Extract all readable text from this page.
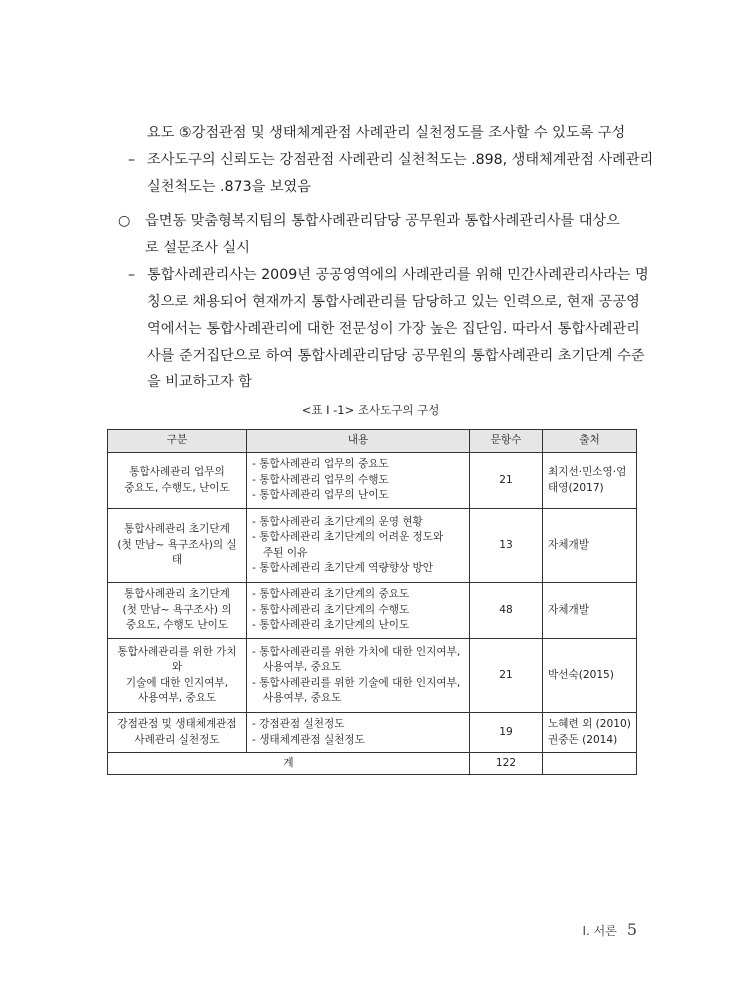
요도 ⑤강점관점 및 생태체계관점 사례관리 실천정도를 조사할 수 있도록 구성
– 조사도구의 신뢰도는 강점관점 사례관리 실천척도는 .898, 생태체계관점 사례관리
실천척도는 .873을 보였음
○ 읍면동 맞춤형복지팀의 통합사례관리담당 공무원과 통합사례관리사를 대상으
로 설문조사 실시
– 통합사례관리사는 2009년 공공영역에의 사례관리를 위해 민간사례관리사라는 명
칭으로 채용되어 현재까지 통합사례관리를 담당하고 있는 인력으로, 현재 공공영
역에서는 통합사례관리에 대한 전문성이 가장 높은 집단임. 따라서 통합사례관리
사를 준거집단으로 하여 통합사례관리담당 공무원의 통합사례관리 초기단계 수준
을 비교하고자 함
<표 Ⅰ -1> 조사도구의 구성
구분	내용	문항수	출처

통합사례관리 업무의
중요도, 수행도, 난이도	- 통합사례관리 업무의 중요도
- 통합사례관리 업무의 수행도
- 통합사례관리 업무의 난이도	21	최지선·민소영·엄
태영(2017)

통합사례관리 초기단계
(첫 만남~ 욕구조사)의 실태	- 통합사례관리 초기단계의 운영 현황
- 통합사례관리 초기단계의 어려운 정도와
주된 이유
- 통합사례관리 초기단계 역량향상 방안	13	자체개발

통합사례관리 초기단계
(첫 만남~ 욕구조사) 의
중요도, 수행도 난이도	- 통합사례관리 초기단계의 중요도
- 통합사례관리 초기단계의 수행도
- 통합사례관리 초기단계의 난이도	48	자체개발

통합사례관리를 위한 가치와
기술에 대한 인지여부,
사용여부, 중요도	- 통합사례관리를 위한 가치에 대한 인지여부,
사용여부, 중요도
- 통합사례관리를 위한 기술에 대한 인지여부,
사용여부, 중요도	21	박선숙(2015)

강점관점 및 생태체계관점
사례관리 실천정도	- 강점관점 실천정도
- 생태체계관점 실천정도	19	노혜련 외 (2010)
권중돈 (2014)

계		122	
Ⅰ. 서론 5
